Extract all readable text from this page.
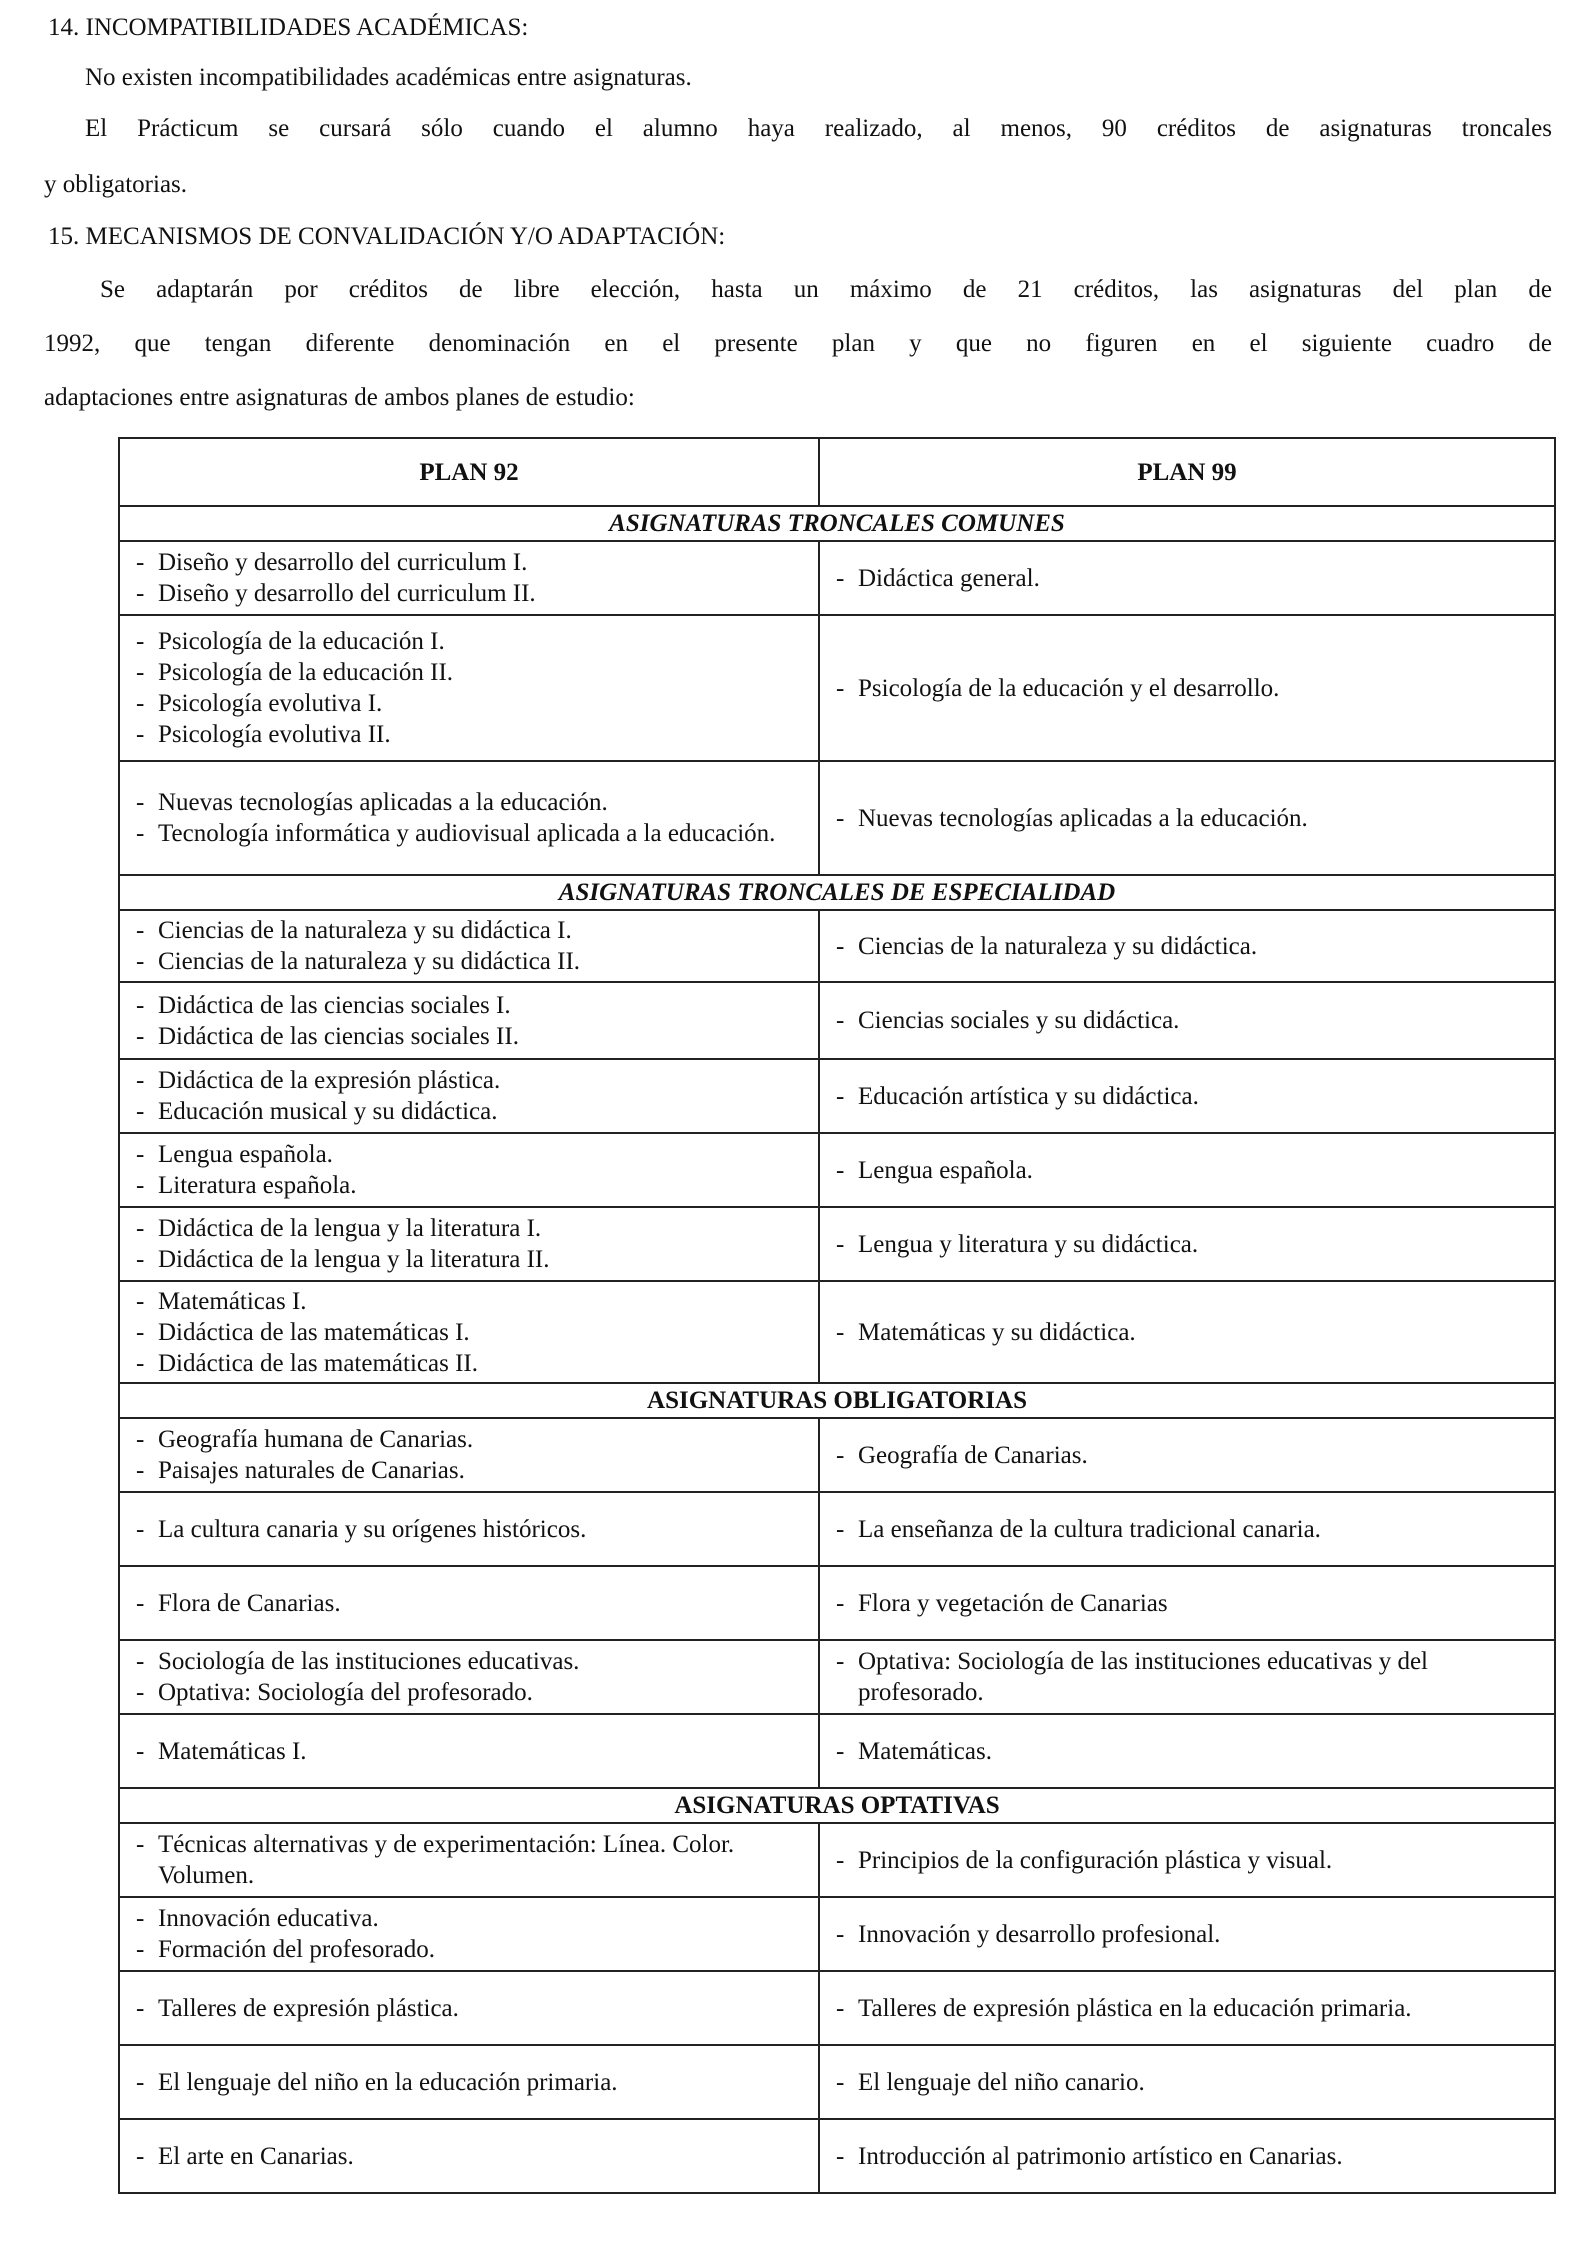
14. INCOMPATIBILIDADES ACADÉMICAS:
No existen incompatibilidades académicas entre asignaturas.
El Prácticum se cursará sólo cuando el alumno haya realizado, al menos, 90 créditos de asignaturas troncales
y obligatorias.
15. MECANISMOS DE CONVALIDACIÓN Y/O ADAPTACIÓN:
Se adaptarán por créditos de libre elección, hasta un máximo de 21 créditos, las asignaturas del plan de
1992, que tengan diferente denominación en el presente plan y que no figuren en el siguiente cuadro de
adaptaciones entre asignaturas de ambos planes de estudio:
PLAN 92	PLAN 99
ASIGNATURAS TRONCALES COMUNES	

-Diseño y desarrollo del curriculum I.
-Diseño y desarrollo del curriculum II.	-Didáctica general.

-Psicología de la educación I.
-Psicología de la educación II.
-Psicología evolutiva I.
-Psicología evolutiva II.	-Psicología de la educación y el desarrollo.

-Nuevas tecnologías aplicadas a la educación.
-Tecnología informática y audiovisual aplicada a la educación.	-Nuevas tecnologías aplicadas a la educación.

ASIGNATURAS TRONCALES DE ESPECIALIDAD	

-Ciencias de la naturaleza y su didáctica I.
-Ciencias de la naturaleza y su didáctica II.	-Ciencias de la naturaleza y su didáctica.

-Didáctica de las ciencias sociales I.
-Didáctica de las ciencias sociales II.	-Ciencias sociales y su didáctica.

-Didáctica de la expresión plástica.
-Educación musical y su didáctica.	-Educación artística y su didáctica.

-Lengua española.
-Literatura española.	-Lengua española.

-Didáctica de la lengua y la literatura I.
-Didáctica de la lengua y la literatura II.	-Lengua y literatura y su didáctica.

-Matemáticas I.
-Didáctica de las matemáticas I.
-Didáctica de las matemáticas II.	-Matemáticas y su didáctica.

ASIGNATURAS OBLIGATORIAS	

-Geografía humana de Canarias.
-Paisajes naturales de Canarias.	-Geografía de Canarias.

-La cultura canaria y su orígenes históricos.	-La enseñanza de la cultura tradicional canaria.

-Flora de Canarias.	-Flora y vegetación de Canarias

-Sociología de las instituciones educativas.
-Optativa: Sociología del profesorado.	-Optativa: Sociología de las instituciones educativas y del profesorado.

-Matemáticas I.	-Matemáticas.

ASIGNATURAS OPTATIVAS	

-Técnicas alternativas y de experimentación: Línea. Color. Volumen.	-Principios de la configuración plástica y visual.

-Innovación educativa.
-Formación del profesorado.	-Innovación y desarrollo profesional.

-Talleres de expresión plástica.	-Talleres de expresión plástica en la educación primaria.

-El lenguaje del niño en la educación primaria.	-El lenguaje del niño canario.

-El arte en Canarias.	-Introducción al patrimonio artístico en Canarias.
